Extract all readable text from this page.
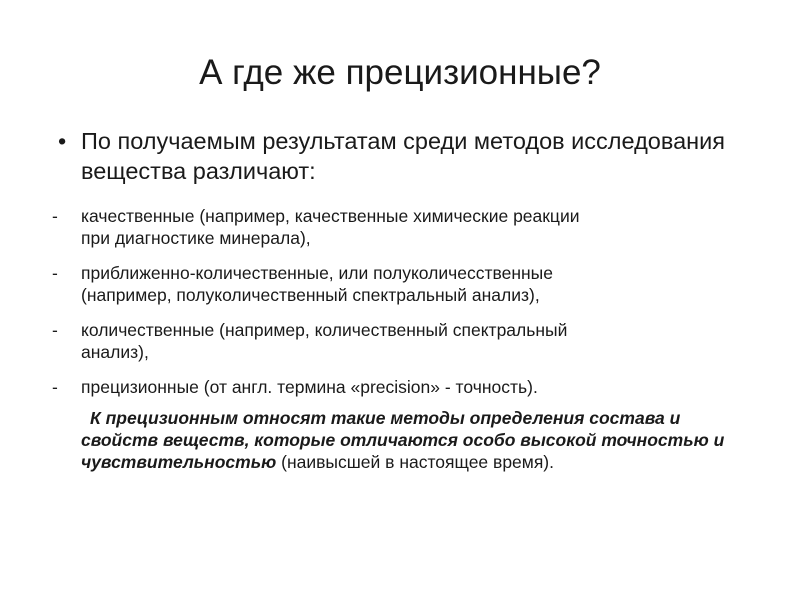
А где же прецизионные?
• По получаемым результатам среди методов исследования вещества различают:
- качественные (например, качественные химические реакции
при диагностике минерала),
- приближенно-количественные, или полуколичесственные
(например, полуколичественный спектральный анализ),
- количественные (например, количественный спектральный
анализ),
- прецизионные (от англ. термина «precision» - точность).
К прецизионным относят такие методы определения состава и свойств веществ, которые отличаются особо высокой точностью и чувствительностью (наивысшей в настоящее время).
